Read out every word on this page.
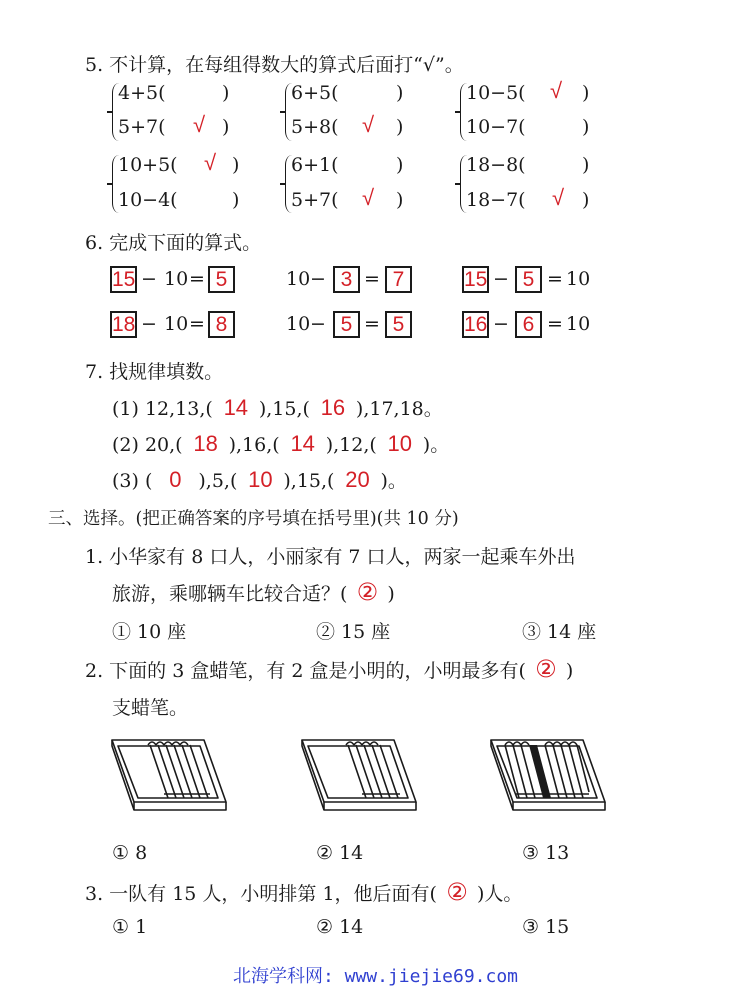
5. 不计算，在每组得数大的算式后面打“√”。
4+5(	)
5+7( √ )
6+5(	)
5+8( √ )
10−5( √ )
10−7(	)
10+5( √ )
10−4(	)
6+1(	)
5+7( √ )
18−8(	)
18−7( √ )
6. 完成下面的算式。
15 − 10 = 5	10 − 3 = 7	15 − 5 = 10
18 − 10 = 8	10 − 5 = 5	16 − 6 = 10
7. 找规律填数。
(1) 12,13,( 14 ),15,( 16 ),17,18。
(2) 20,( 18 ),16,( 14 ),12,( 10 )。
(3) ( 0 ),5,( 10 ),15,( 20 )。
三、选择。(把正确答案的序号填在括号里)(共 10 分)
1. 小华家有 8 口人，小丽家有 7 口人，两家一起乘车外出
旅游，乘哪辆车比较合适？( ② )
① 10 座	② 15 座	③ 14 座
2. 下面的 3 盒蜡笔，有 2 盒是小明的，小明最多有( ② )
支蜡笔。
① 8	② 14	③ 13
3. 一队有 15 人，小明排第 1，他后面有( ② )人。
① 1	② 14	③ 15
北海学科网: www.jiejie69.com
